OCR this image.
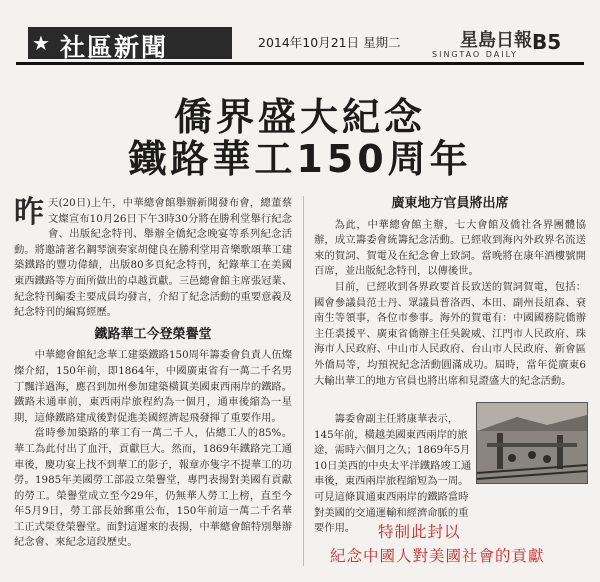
★ 社區新聞	2014年10月21日 星期二	星島日報
SINGTAO DAILY
B5
僑界盛大紀念
鐵路華工150周年

昨天(20日)上午，中華總會館舉辦新聞發布會，總董蔡文燦宣布10月26日下午3時30分將在勝利堂舉行紀念會、出版紀念特刊、舉辦全僑紀念晚宴等系列紀念活動。將邀請著名鋼琴演奏家胡健良在勝利堂用音樂歌頌華工建築鐵路的豐功偉績，出版80多頁紀念特刊，紀錄華工在美國東西鐵路等方面所做出的卓越貢獻。三邑總會館主席張冠業、紀念特刊編委主要成員均發言，介紹了紀念活動的重要意義及紀念特刊的編寫經歷。

鐵路華工今登榮譽堂

中華總會館紀念華工建築鐵路150周年籌委會負責人伍燦燦介紹，150年前，即1864年，中國廣東省有一萬二千名男丁飄洋過海，應召到加州參加建築橫貫美國東西兩岸的鐵路。鐵路未通車前，東西兩岸旅程約為一個月，通車後縮為一星期，這條鐵路建成後對促進美國經濟起飛發揮了重要作用。

當時參加築路的華工有一萬二千人，佔總工人的85%。華工為此付出了血汗，貢獻巨大。然而，1869年鐵路完工通車後，慶功宴上找不到華工的影子，報章亦隻字不提華工的功勞。1985年美國勞工部設立榮譽堂，專門表揚對美國有貢獻的勞工。榮譽堂成立至今29年，仍無華人勞工上榜，直至今年5月9日，勞工部長始郵重公布，150年前這一萬二千名華工正式榮登榮譽堂。面對這遲來的表揚，中華總會館特別舉辦紀念會、來紀念這段歷史。

廣東地方官員將出席

為此，中華總會館主辦，七大會館及僑社各界團體協辦，成立籌委會統籌紀念活動。已經收到海內外政界名流送來的賀詞、賀電及在紀念會上致詞。當晚將在康年酒樓號開百席，並出版紀念特刊，以傳後世。

目前，已經收到各界政要首長致送的賀詞賀電，包括：國會參議員范士丹、眾議員普洛西、本田、副州長紐森、衰南生等領事，各位市參事。海外的賀電有：中國國務院僑辦主任裘援平、廣東省僑辦主任吳銳威、江門市人民政府、珠海市人民政府、中山市人民政府、台山市人民政府、新會區外僑局等，均預祝紀念活動圓滿成功。屆時，當年從廣東6大輸出華工的地方官員也將出席和見證盛大的紀念活動。

籌委會副主任將康華表示，145年前，橫越美國東西兩岸的旅途，需時六個月之久；1869年5月10日美西的中央太平洋鐵路竣工通車後，東西兩岸旅程縮短為一周。可見這條貫通東西兩岸的鐵路當時對美國的交通運輸和經濟命脈的重要作用。	特制此封以
紀念中國人對美國社會的貢獻
